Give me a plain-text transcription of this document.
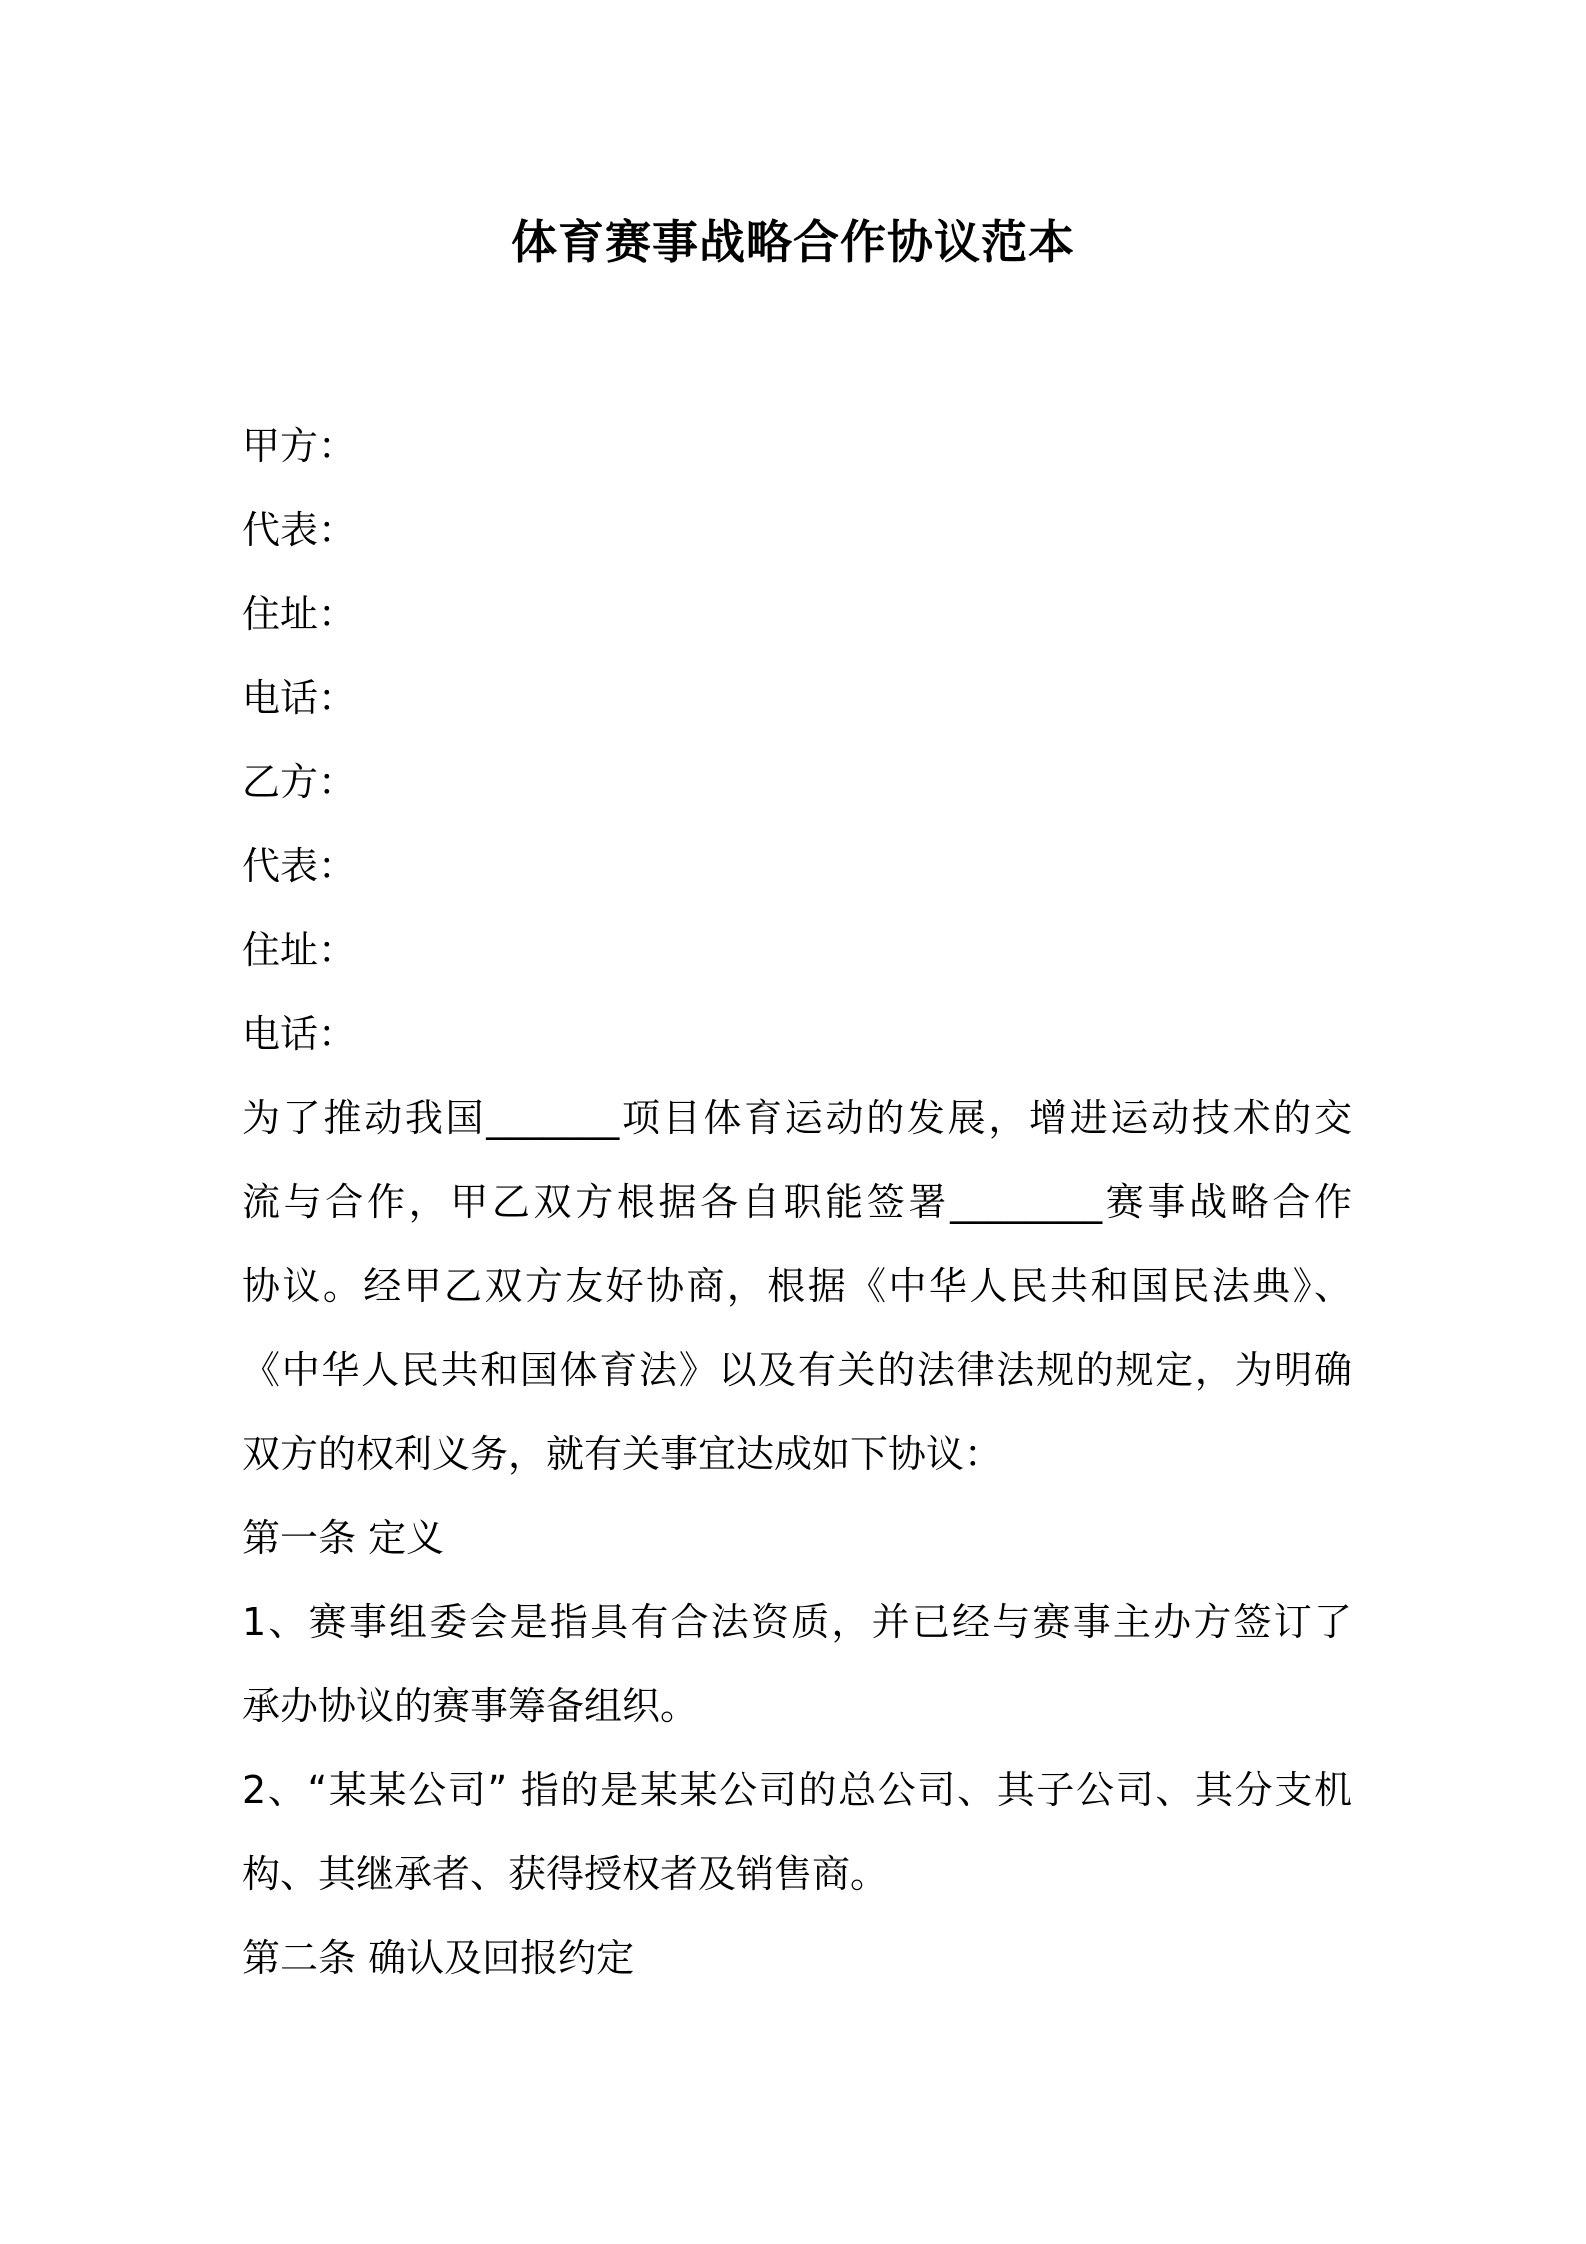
体育赛事战略合作协议范本
甲方：
代表：
住址：
电话：
乙方：
代表：
住址：
电话：
为了推动我国_______项目体育运动的发展，增进运动技术的交
流与合作，甲乙双方根据各自职能签署________赛事战略合作
协议。经甲乙双方友好协商，根据《中华人民共和国民法典》、
《中华人民共和国体育法》以及有关的法律法规的规定，为明确
双方的权利义务，就有关事宜达成如下协议：
第一条 定义
1、赛事组委会是指具有合法资质，并已经与赛事主办方签订了
承办协议的赛事筹备组织。
2、“某某公司” 指的是某某公司的总公司、其子公司、其分支机
构、其继承者、获得授权者及销售商。
第二条 确认及回报约定
